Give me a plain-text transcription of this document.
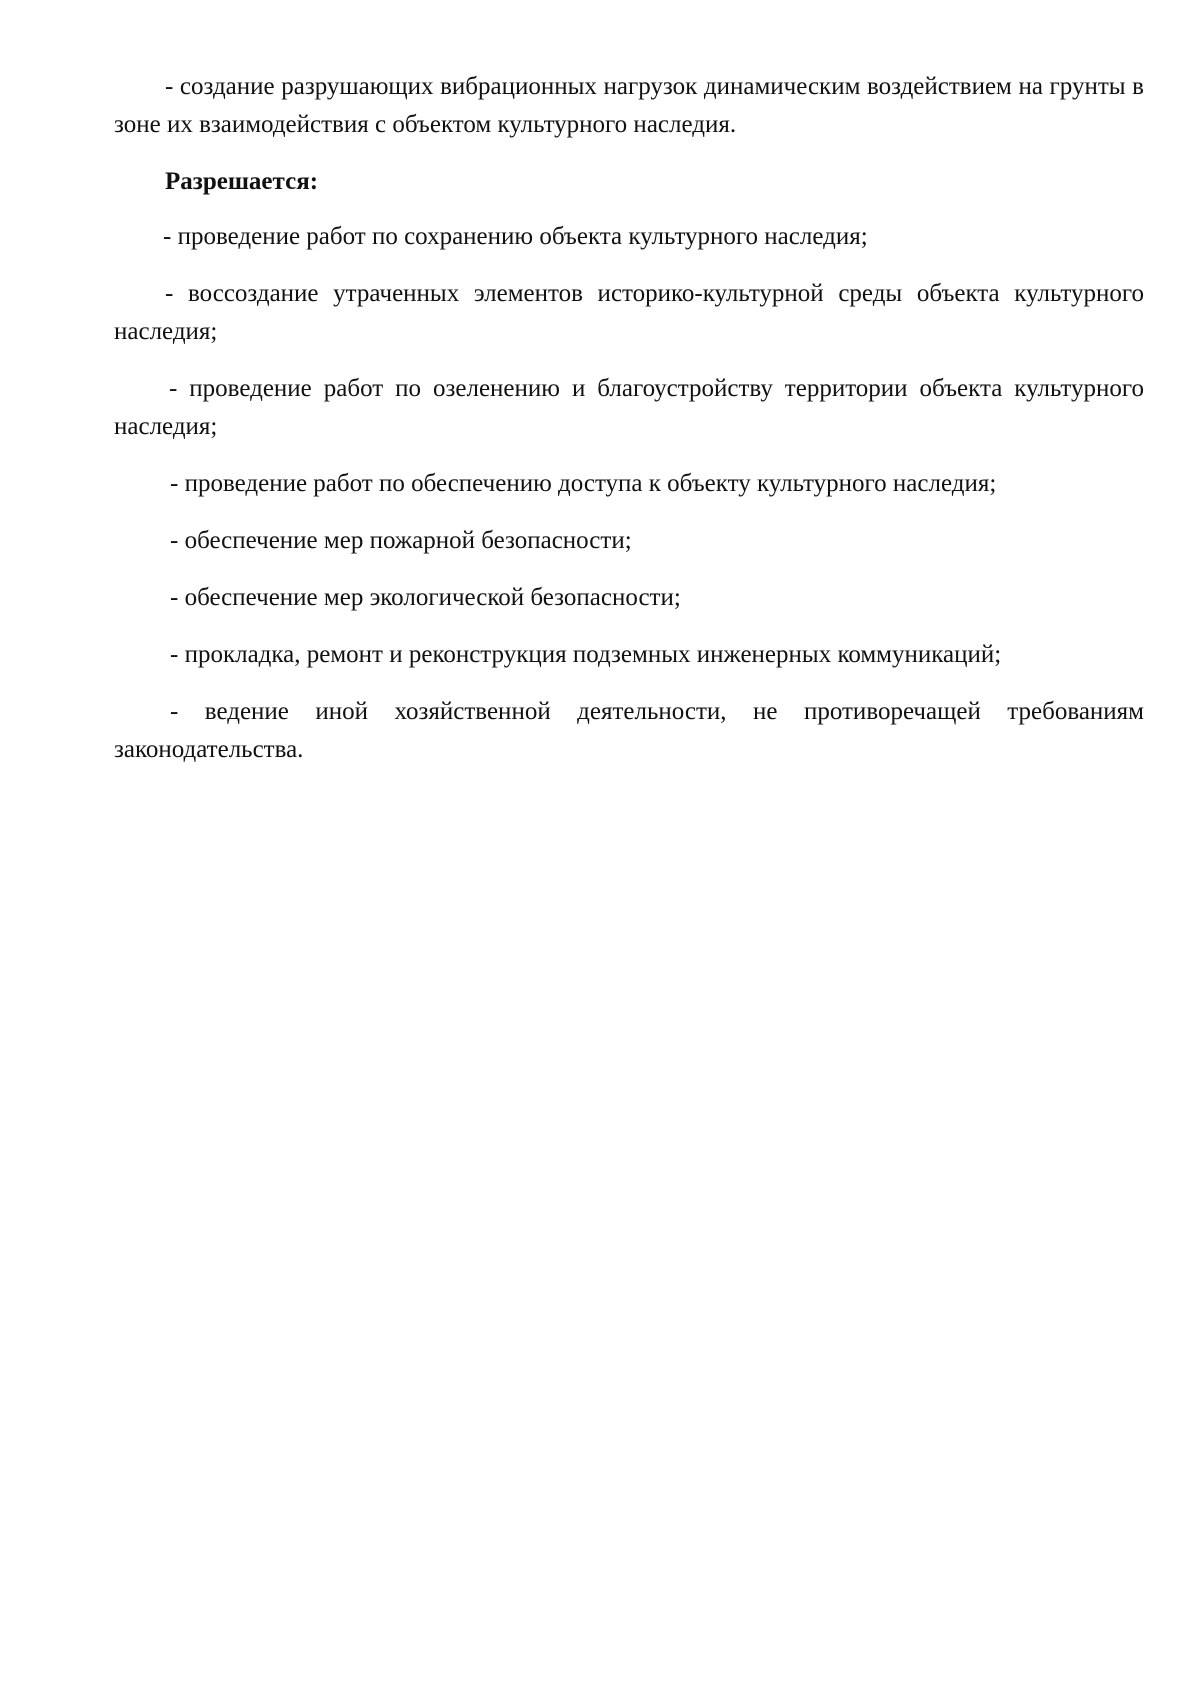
- создание разрушающих вибрационных нагрузок динамическим воздействием на грунты в зоне их взаимодействия с объектом культурного наследия.

Разрешается:

- проведение работ по сохранению объекта культурного наследия;

- воссоздание утраченных элементов историко-культурной среды объекта культурного наследия;

- проведение работ по озеленению и благоустройству территории объекта культурного наследия;

- проведение работ по обеспечению доступа к объекту культурного наследия;

- обеспечение мер пожарной безопасности;

- обеспечение мер экологической безопасности;

- прокладка, ремонт и реконструкция подземных инженерных коммуникаций;

- ведение иной хозяйственной деятельности, не противоречащей требованиям законодательства.
